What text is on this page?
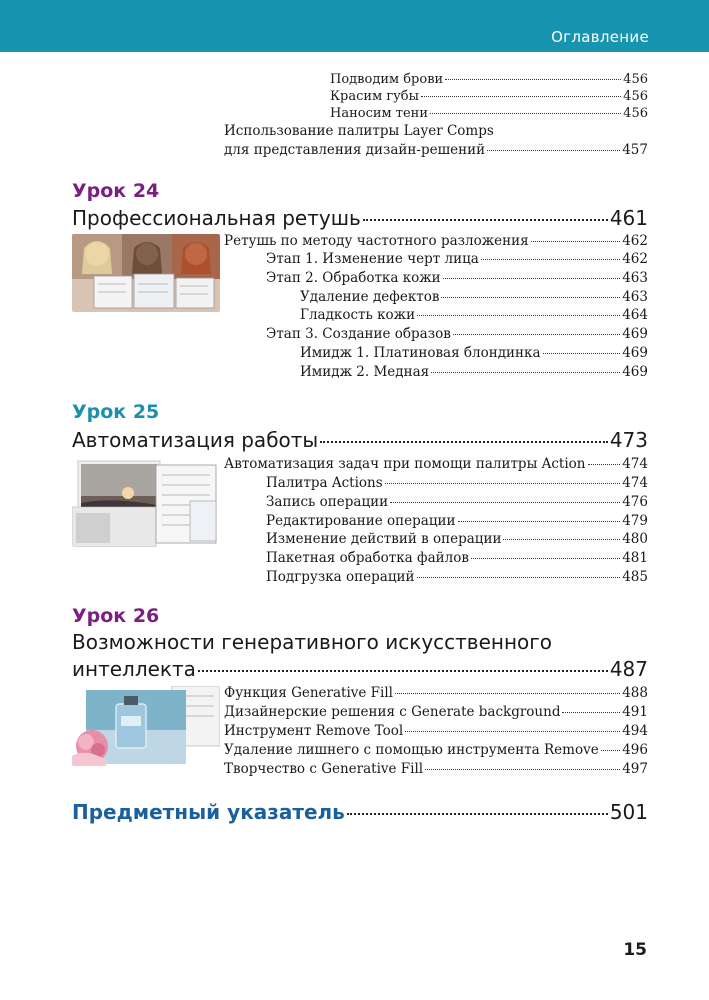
Оглавление
Подводим брови	456
Красим губы	456
Наносим тени	456
Использование палитры Layer Comps
для представления дизайн-решений	457
Урок 24
Профессиональная ретушь	461
Ретушь по методу частотного разложения	462
Этап 1. Изменение черт лица	462
Этап 2. Обработка кожи	463
Удаление дефектов	463
Гладкость кожи	464
Этап 3. Создание образов	469
Имидж 1. Платиновая блондинка	469
Имидж 2. Медная	469
Урок 25
Автоматизация работы	473
Автоматизация задач при помощи палитры Action	474
Палитра Actions	474
Запись операции	476
Редактирование операции	479
Изменение действий в операции	480
Пакетная обработка файлов	481
Подгрузка операций	485
Урок 26
Возможности генеративного искусственного
интеллекта	487
Функция Generative Fill	488
Дизайнерские решения с Generate background	491
Инструмент Remove Tool	494
Удаление лишнего с помощью инструмента Remove 496
Творчество с Generative Fill	497
Предметный указатель	501
15
